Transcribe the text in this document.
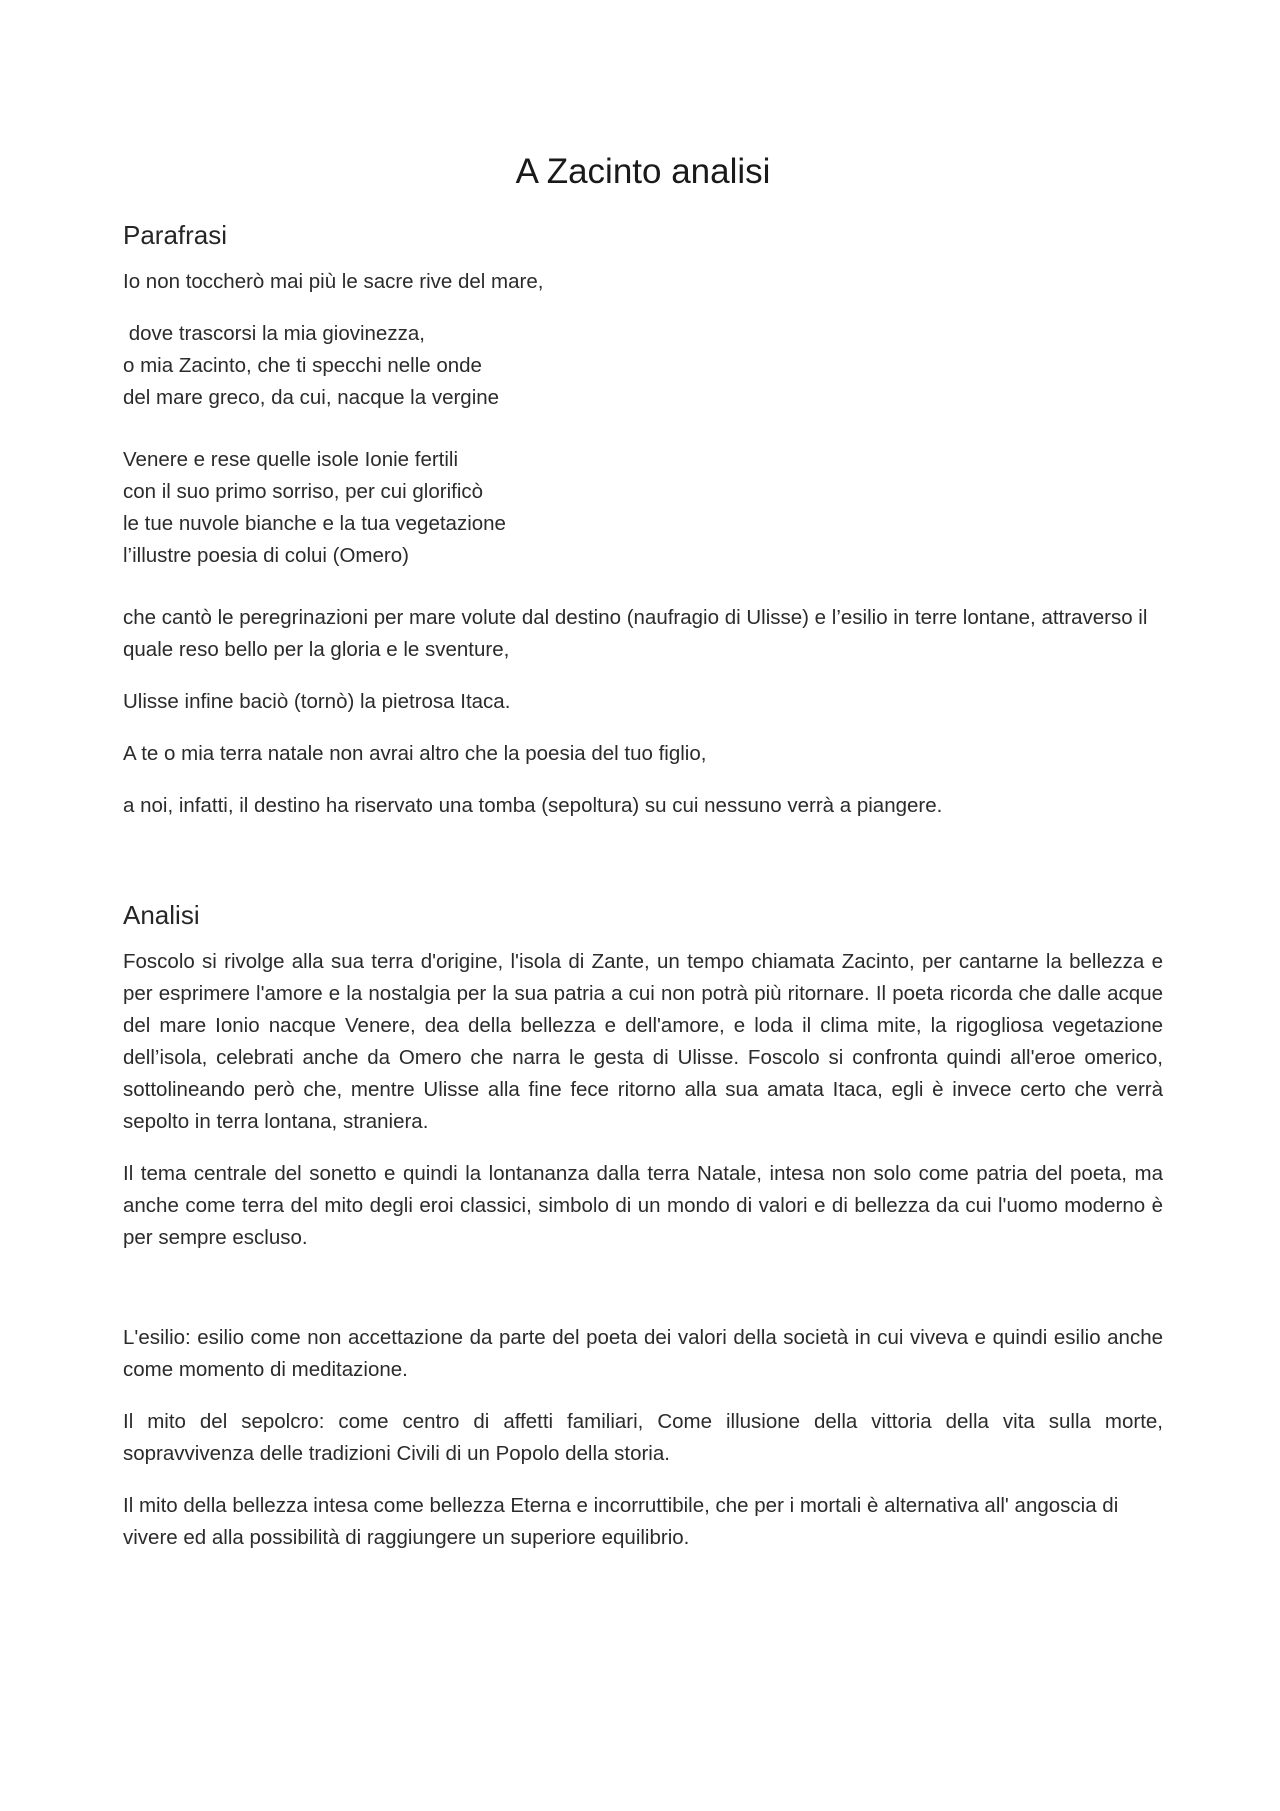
A Zacinto analisi
Parafrasi

Io non toccherò mai più le sacre rive del mare,

dove trascorsi la mia giovinezza,
o mia Zacinto, che ti specchi nelle onde
del mare greco, da cui, nacque la vergine
Venere e rese quelle isole Ionie fertili
con il suo primo sorriso, per cui glorificò
le tue nuvole bianche e la tua vegetazione
l’illustre poesia di colui (Omero)

che cantò le peregrinazioni per mare volute dal destino (naufragio di Ulisse) e l’esilio in terre lontane, attraverso il quale reso bello per la gloria e le sventure,

Ulisse infine baciò (tornò) la pietrosa Itaca.

A te o mia terra natale non avrai altro che la poesia del tuo figlio,

a noi, infatti, il destino ha riservato una tomba (sepoltura) su cui nessuno verrà a piangere.

Analisi

Foscolo si rivolge alla sua terra d'origine, l'isola di Zante, un tempo chiamata Zacinto, per cantarne la bellezza e per esprimere l'amore e la nostalgia per la sua patria a cui non potrà più ritornare. Il poeta ricorda che dalle acque del mare Ionio nacque Venere, dea della bellezza e dell'amore, e loda il clima mite, la rigogliosa vegetazione dell’isola, celebrati anche da Omero che narra le gesta di Ulisse. Foscolo si confronta quindi all'eroe omerico, sottolineando però che, mentre Ulisse alla fine fece ritorno alla sua amata Itaca, egli è invece certo che verrà sepolto in terra lontana, straniera.

Il tema centrale del sonetto e quindi la lontananza dalla terra Natale, intesa non solo come patria del poeta, ma anche come terra del mito degli eroi classici, simbolo di un mondo di valori e di bellezza da cui l'uomo moderno è per sempre escluso.

L'esilio: esilio come non accettazione da parte del poeta dei valori della società in cui viveva e quindi esilio anche come momento di meditazione.

Il mito del sepolcro: come centro di affetti familiari, Come illusione della vittoria della vita sulla morte, sopravvivenza delle tradizioni Civili di un Popolo della storia.

Il mito della bellezza intesa come bellezza Eterna e incorruttibile, che per i mortali è alternativa all' angoscia di vivere ed alla possibilità di raggiungere un superiore equilibrio.
